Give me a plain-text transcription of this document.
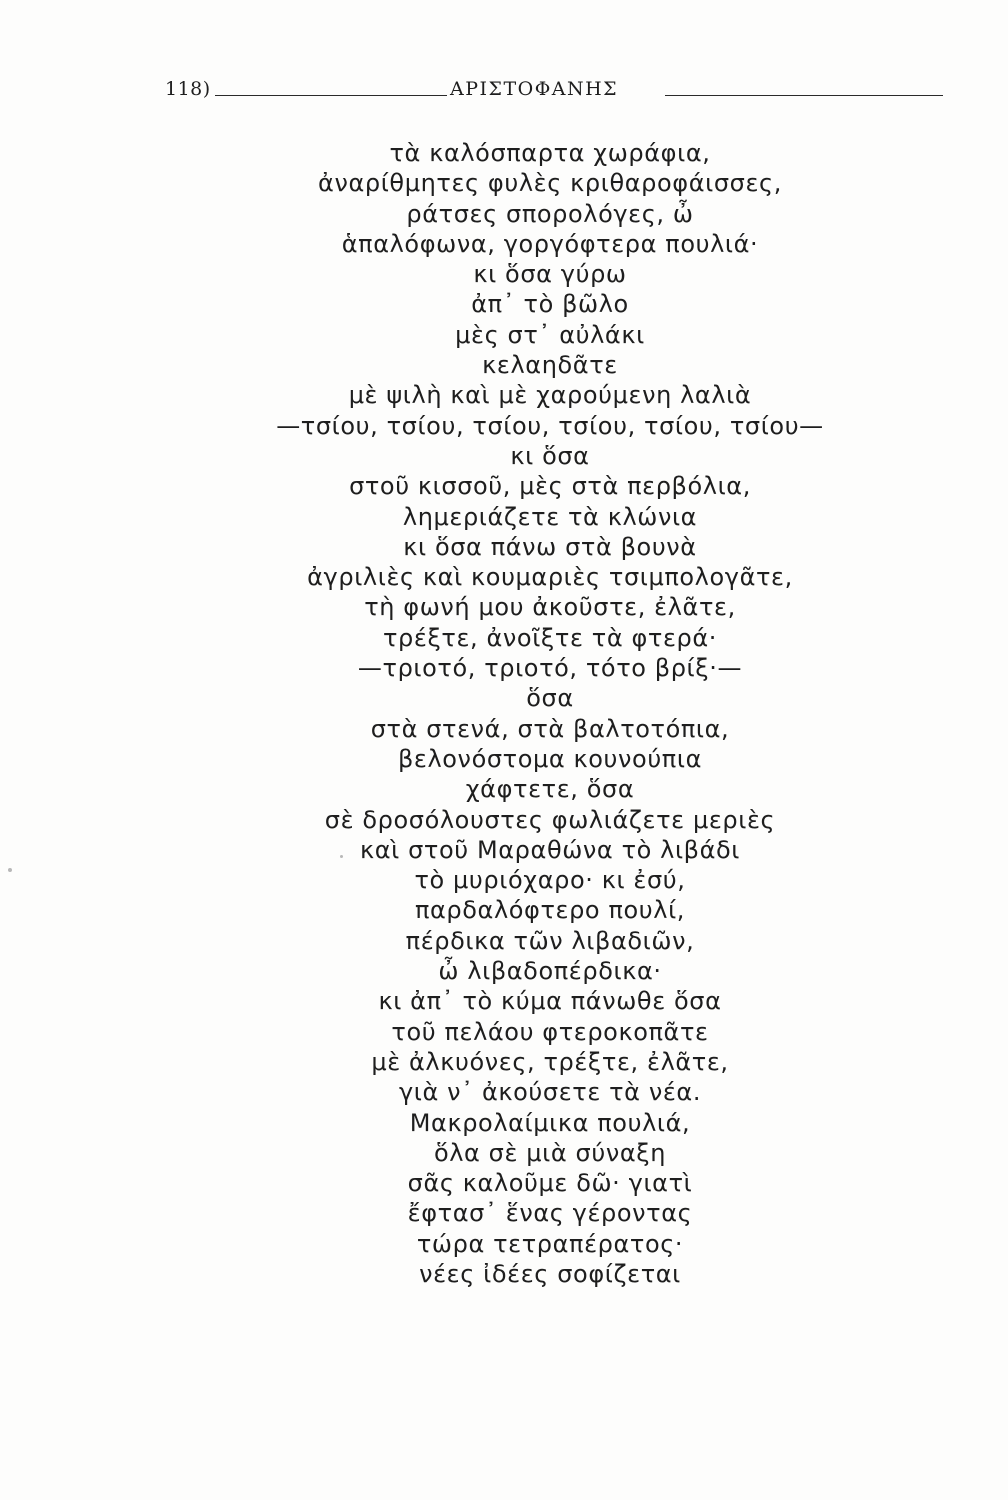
118)	ΑΡΙΣΤΟΦΑΝΗΣ
τὰ καλόσπαρτα χωράφια,
ἀναρίθμητες φυλὲς κριθαροφάισσες,
ράτσες σπορολόγες, ὦ
ἁπαλόφωνα, γοργόφτερα πουλιά·
κι ὅσα γύρω
ἀπ᾽ τὸ βῶλο
μὲς στ᾽ αὐλάκι
κελαηδᾶτε
μὲ ψιλὴ καὶ μὲ χαρούμενη λαλιὰ
—τσίου, τσίου, τσίου, τσίου, τσίου, τσίου—
κι ὅσα
στοῦ κισσοῦ, μὲς στὰ περβόλια,
λημεριάζετε τὰ κλώνια
κι ὅσα πάνω στὰ βουνὰ
ἀγριλιὲς καὶ κουμαριὲς τσιμπολογᾶτε,
τὴ φωνή μου ἀκοῦστε, ἐλᾶτε,
τρέξτε, ἀνοῖξτε τὰ φτερά·
—τριοτό, τριοτό, τότο βρίξ·—
ὅσα
στὰ στενά, στὰ βαλτοτόπια,
βελονόστομα κουνούπια
χάφτετε, ὅσα
σὲ δροσόλουστες φωλιάζετε μεριὲς
καὶ στοῦ Μαραθώνα τὸ λιβάδι
τὸ μυριόχαρο· κι ἐσύ,
παρδαλόφτερο πουλί,
πέρδικα τῶν λιβαδιῶν,
ὦ λιβαδοπέρδικα·
κι ἀπ᾽ τὸ κύμα πάνωθε ὅσα
τοῦ πελάου φτεροκοπᾶτε
μὲ ἀλκυόνες, τρέξτε, ἐλᾶτε,
γιὰ ν᾽ ἀκούσετε τὰ νέα.
Μακρολαίμικα πουλιά,
ὅλα σὲ μιὰ σύναξη
σᾶς καλοῦμε δῶ· γιατὶ
ἔφτασ᾽ ἕνας γέροντας
τώρα τετραπέρατος·
νέες ἰδέες σοφίζεται
